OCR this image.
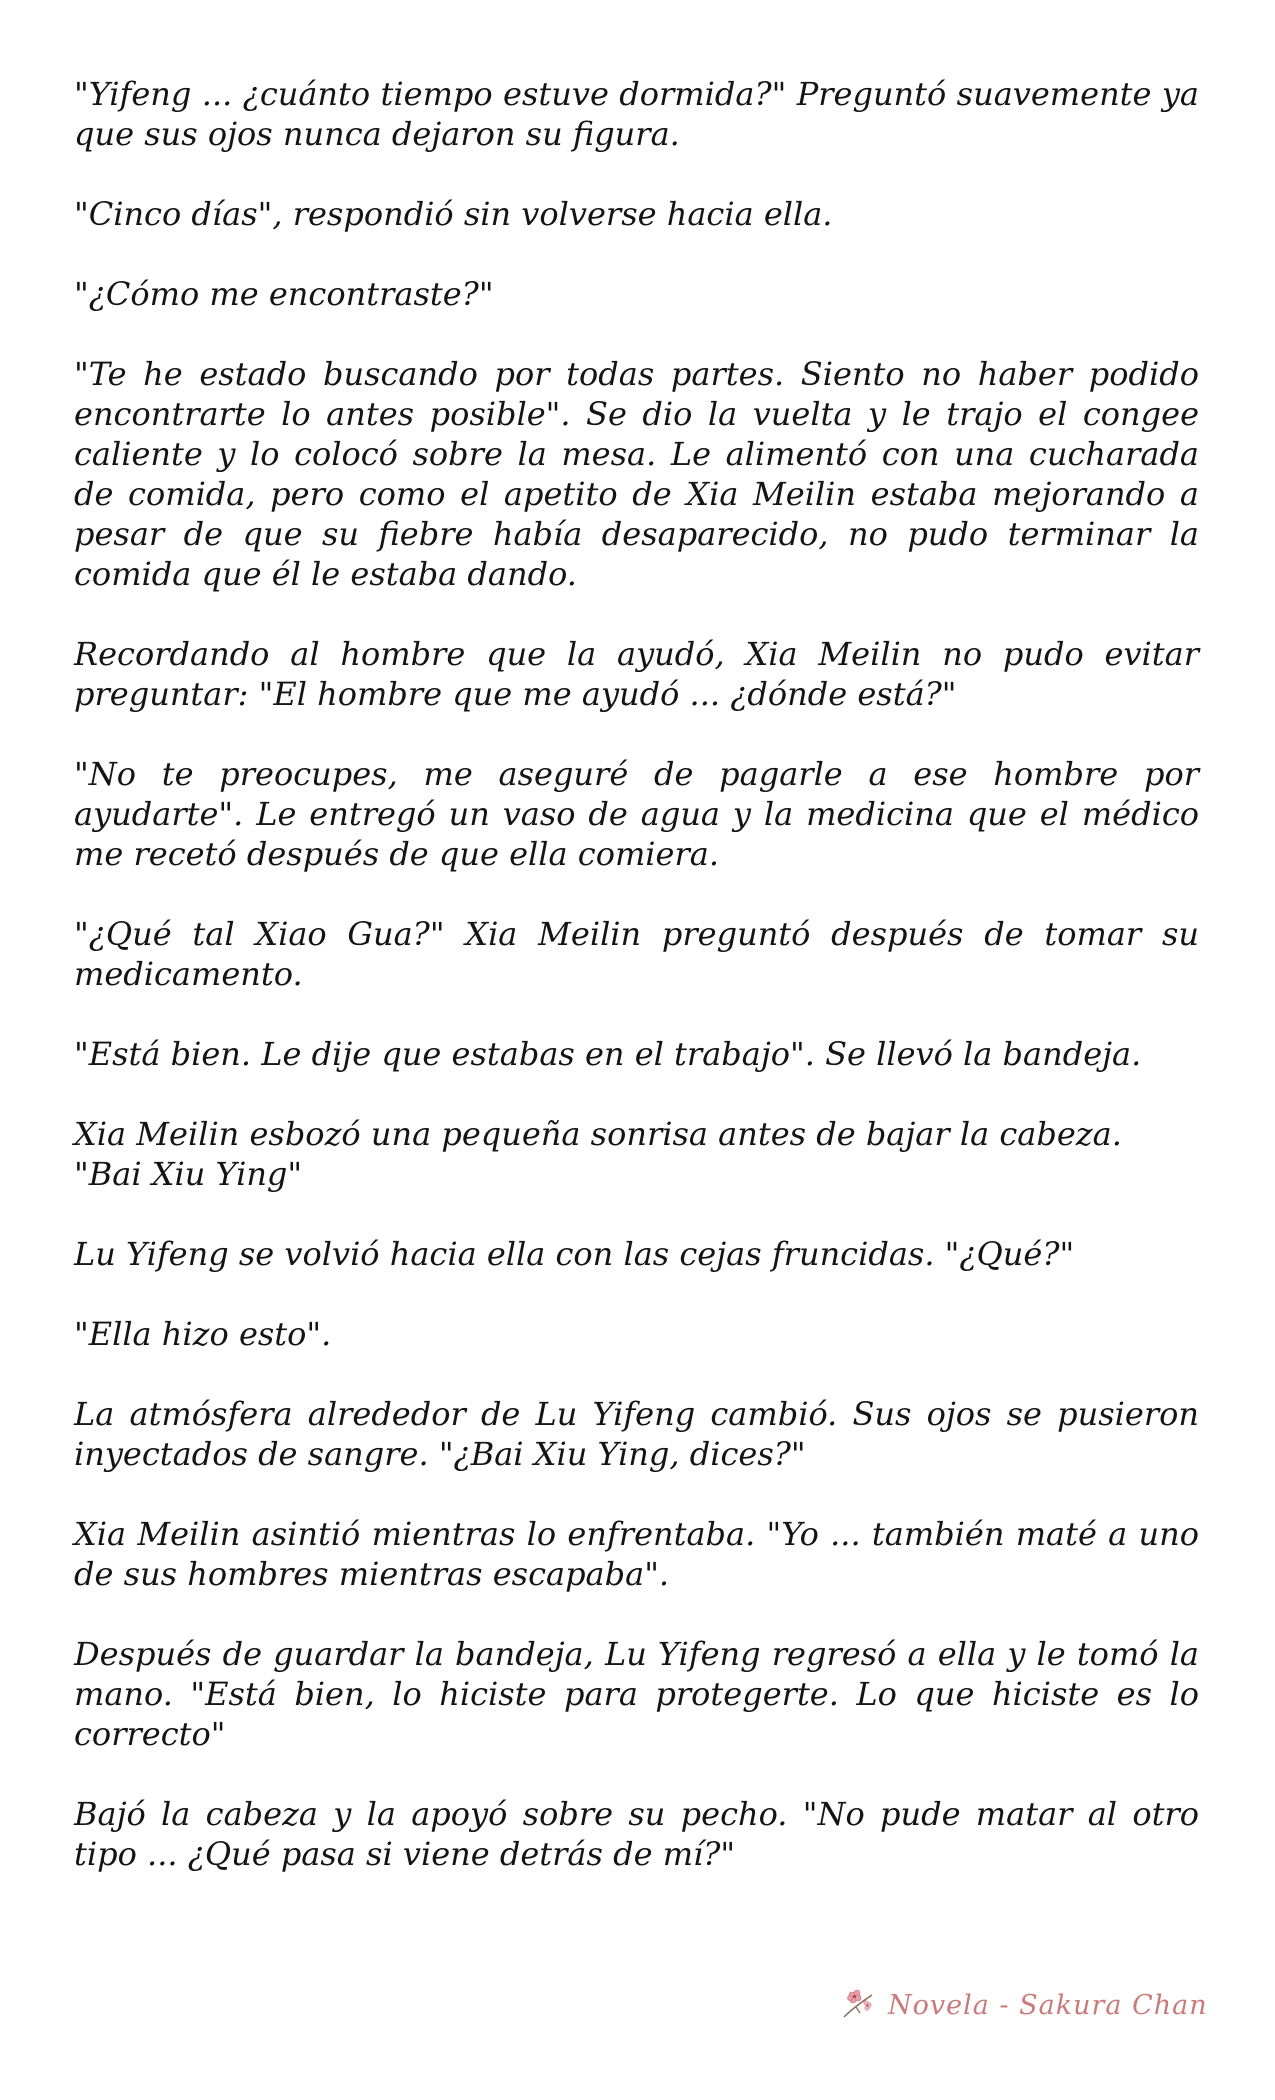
"Yifeng ... ¿cuánto tiempo estuve dormida?" Preguntó suavemente ya que sus ojos nunca dejaron su figura.

"Cinco días", respondió sin volverse hacia ella.

"¿Cómo me encontraste?"

"Te he estado buscando por todas partes. Siento no haber podido encontrarte lo antes posible". Se dio la vuelta y le trajo el congee caliente y lo colocó sobre la mesa. Le alimentó con una cucharada de comida, pero como el apetito de Xia Meilin estaba mejorando a pesar de que su fiebre había desaparecido, no pudo terminar la comida que él le estaba dando.

Recordando al hombre que la ayudó, Xia Meilin no pudo evitar preguntar: "El hombre que me ayudó ... ¿dónde está?"

"No te preocupes, me aseguré de pagarle a ese hombre por ayudarte". Le entregó un vaso de agua y la medicina que el médico me recetó después de que ella comiera.

"¿Qué tal Xiao Gua?" Xia Meilin preguntó después de tomar su medicamento.

"Está bien. Le dije que estabas en el trabajo". Se llevó la bandeja.

Xia Meilin esbozó una pequeña sonrisa antes de bajar la cabeza.
"Bai Xiu Ying"

Lu Yifeng se volvió hacia ella con las cejas fruncidas. "¿Qué?"

"Ella hizo esto".

La atmósfera alrededor de Lu Yifeng cambió. Sus ojos se pusieron inyectados de sangre. "¿Bai Xiu Ying, dices?"

Xia Meilin asintió mientras lo enfrentaba. "Yo ... también maté a uno de sus hombres mientras escapaba".

Después de guardar la bandeja, Lu Yifeng regresó a ella y le tomó la mano. "Está bien, lo hiciste para protegerte. Lo que hiciste es lo correcto"

Bajó la cabeza y la apoyó sobre su pecho. "No pude matar al otro tipo ... ¿Qué pasa si viene detrás de mí?"

Novela - Sakura Chan
